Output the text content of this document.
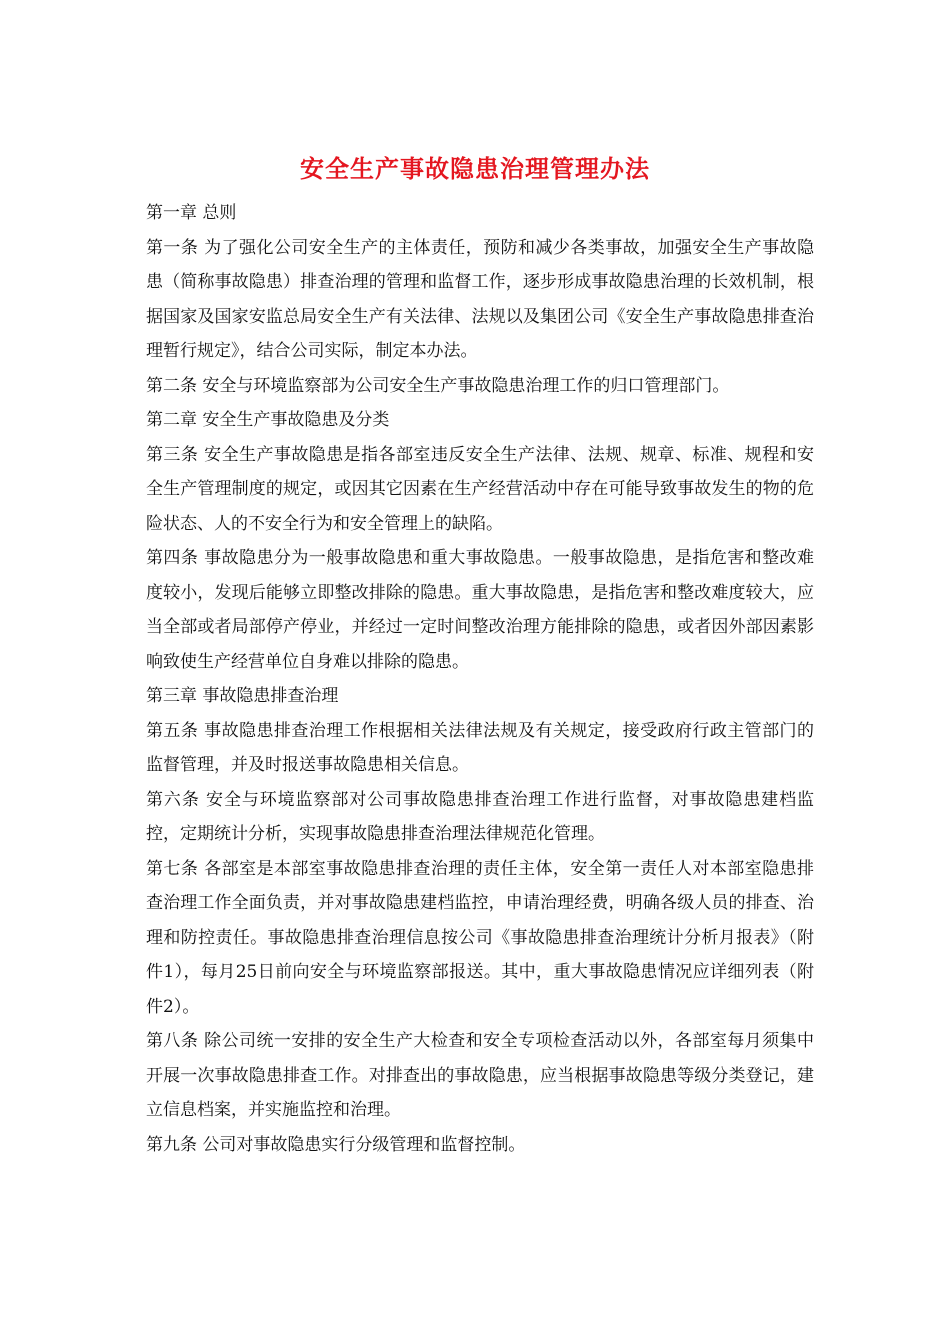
安全生产事故隐患治理管理办法

第一章 总则

第一条 为了强化公司安全生产的主体责任，预防和减少各类事故，加强安全生产事故隐患（简称事故隐患）排查治理的管理和监督工作，逐步形成事故隐患治理的长效机制，根据国家及国家安监总局安全生产有关法律、法规以及集团公司《安全生产事故隐患排查治理暂行规定》，结合公司实际，制定本办法。

第二条 安全与环境监察部为公司安全生产事故隐患治理工作的归口管理部门。

第二章 安全生产事故隐患及分类

第三条 安全生产事故隐患是指各部室违反安全生产法律、法规、规章、标准、规程和安全生产管理制度的规定，或因其它因素在生产经营活动中存在可能导致事故发生的物的危险状态、人的不安全行为和安全管理上的缺陷。

第四条 事故隐患分为一般事故隐患和重大事故隐患。一般事故隐患，是指危害和整改难度较小，发现后能够立即整改排除的隐患。重大事故隐患，是指危害和整改难度较大，应当全部或者局部停产停业，并经过一定时间整改治理方能排除的隐患，或者因外部因素影响致使生产经营单位自身难以排除的隐患。

第三章 事故隐患排查治理

第五条 事故隐患排查治理工作根据相关法律法规及有关规定，接受政府行政主管部门的监督管理，并及时报送事故隐患相关信息。

第六条 安全与环境监察部对公司事故隐患排查治理工作进行监督，对事故隐患建档监控，定期统计分析，实现事故隐患排查治理法律规范化管理。

第七条 各部室是本部室事故隐患排查治理的责任主体，安全第一责任人对本部室隐患排查治理工作全面负责，并对事故隐患建档监控，申请治理经费，明确各级人员的排查、治理和防控责任。事故隐患排查治理信息按公司《事故隐患排查治理统计分析月报表》（附件1），每月25日前向安全与环境监察部报送。其中，重大事故隐患情况应详细列表（附件2）。

第八条 除公司统一安排的安全生产大检查和安全专项检查活动以外，各部室每月须集中开展一次事故隐患排查工作。对排查出的事故隐患，应当根据事故隐患等级分类登记，建立信息档案，并实施监控和治理。

第九条 公司对事故隐患实行分级管理和监督控制。
